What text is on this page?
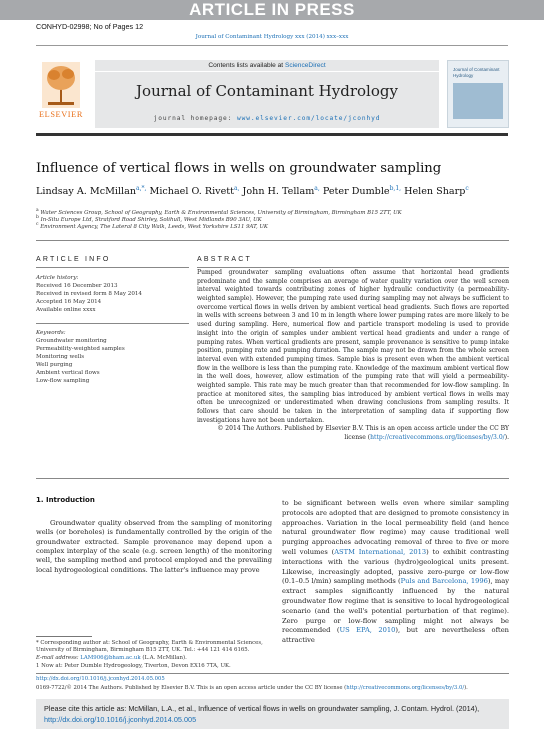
ARTICLE IN PRESS
CONHYD-02998; No of Pages 12
Journal of Contaminant Hydrology xxx (2014) xxx–xxx
ELSEVIER
Contents lists available at ScienceDirect
Journal of Contaminant Hydrology
journal homepage: www.elsevier.com/locate/jconhyd
Journal of Contaminant Hydrology
Influence of vertical flows in wells on groundwater sampling
Lindsay A. McMillan$^{a,*,}$ Michael O. Rivett$^{a,}$ John H. Tellam$^{a,}$ Peter Dumble$^{b,1,}$ Helen Sharp$^c$
$^a$ Water Sciences Group, School of Geography, Earth & Environmental Sciences, University of Birmingham, Birmingham B15 2TT, UK
$^b$ In-Situ Europe Ltd, Stratford Road Shirley, Solihull, West Midlands B90 3AU, UK
$^c$ Environment Agency, The Lateral 8 City Walk, Leeds, West Yorkshire LS11 9AT, UK
ARTICLE INFO	ABSTRACT
Article history:
Received 16 December 2013
Received in revised form 8 May 2014
Accepted 16 May 2014
Available online xxxx
Keywords:
Groundwater monitoring
Permeability-weighted samples
Monitoring wells
Well purging
Ambient vertical flows
Low-flow sampling
Pumped groundwater sampling evaluations often assume that horizontal head gradients predominate and the sample comprises an average of water quality variation over the well screen interval weighted towards contributing zones of higher hydraulic conductivity (a permeability-weighted sample). However, the pumping rate used during sampling may not always be sufficient to overcome vertical flows in wells driven by ambient vertical head gradients. Such flows are reported in wells with screens between 3 and 10 m in length where lower pumping rates are more likely to be used during sampling. Here, numerical flow and particle transport modeling is used to provide insight into the origin of samples under ambient vertical head gradients and under a range of pumping rates. When vertical gradients are present, sample provenance is sensitive to pump intake position, pumping rate and pumping duration. The sample may not be drawn from the whole screen interval even with extended pumping times. Sample bias is present even when the ambient vertical flow in the wellbore is less than the pumping rate. Knowledge of the maximum ambient vertical flow in the well does, however, allow estimation of the pumping rate that will yield a permeability-weighted sample. This rate may be much greater than that recommended for low-flow sampling. In practice at monitored sites, the sampling bias introduced by ambient vertical flows in wells may often be unrecognized or underestimated when drawing conclusions from sampling results. It follows that care should be taken in the interpretation of sampling data if supporting flow investigations have not been undertaken.
© 2014 The Authors. Published by Elsevier B.V. This is an open access article under the CC BY license (http://creativecommons.org/licenses/by/3.0/).
1. Introduction

Groundwater quality observed from the sampling of monitoring wells (or boreholes) is fundamentally controlled by the origin of the groundwater extracted. Sample provenance may depend upon a complex interplay of the scale (e.g. screen length) of the monitoring well, the sampling method and protocol employed and the prevailing local hydrogeological conditions. The latter's influence may prove

to be significant between wells even where similar sampling protocols are adopted that are designed to promote consistency in approaches. Variation in the local permeability field (and hence natural groundwater flow regime) may cause traditional well purging approaches advocating removal of three to five or more well volumes (ASTM International, 2013) to exhibit contrasting interactions with the various (hydro)geological units present. Likewise, increasingly adopted, passive zero-purge or low-flow (0.1–0.5 l/min) sampling methods (Puls and Barcelona, 1996), may extract samples significantly influenced by the natural groundwater flow regime that is sensitive to local hydrogeological scenario (and the well's potential perturbation of that regime). Zero purge or low-flow sampling might not always be recommended (US EPA, 2010), but are nevertheless often attractive
* Corresponding author at: School of Geography, Earth & Environmental Sciences, University of Birmingham, Birmingham B15 2TT, UK. Tel.: +44 121 414 6165.
E-mail address: LAM906@bham.ac.uk (L.A. McMillan).
1 Now at: Peter Dumble Hydrogeology, Tiverton, Devon EX16 7TA, UK.
Please cite this article as: McMillan, L.A., et al., Influence of vertical flows in wells on groundwater sampling, J. Contam. Hydrol. (2014), http://dx.doi.org/10.1016/j.jconhyd.2014.05.005
http://dx.doi.org/10.1016/j.jconhyd.2014.05.005
0169-7722/© 2014 The Authors. Published by Elsevier B.V. This is an open access article under the CC BY license (http://creativecommons.org/licenses/by/3.0/).
